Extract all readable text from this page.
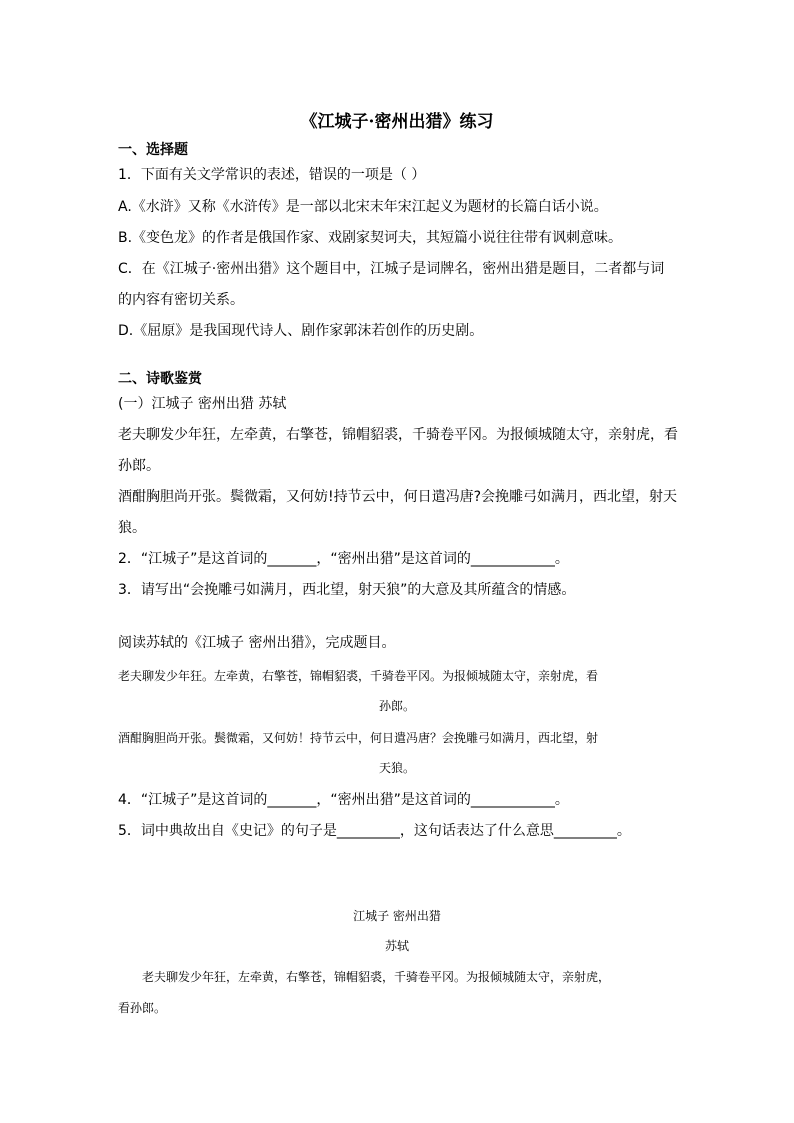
《江城子·密州出猎》练习
一、选择题
1．下面有关文学常识的表述，错误的一项是（ ）
A.《水浒》又称《水浒传》是一部以北宋末年宋江起义为题材的长篇白话小说。
B.《变色龙》的作者是俄国作家、戏剧家契诃夫，其短篇小说往往带有讽刺意味。
C．在《江城子·密州出猎》这个题目中，江城子是词牌名，密州出猎是题目，二者都与词
的内容有密切关系。
D.《屈原》是我国现代诗人、剧作家郭沫若创作的历史剧。
二、诗歌鉴赏
(一）江城子 密州出猎 苏轼
老夫聊发少年狂，左牵黄，右擎苍，锦帽貂裘，千骑卷平冈。为报倾城随太守，亲射虎，看
孙郎。
酒酣胸胆尚开张。鬓微霜，又何妨!持节云中，何日遣冯唐?会挽雕弓如满月，西北望，射天
狼。
2．“江城子”是这首词的_______，“密州出猎”是这首词的____________。
3．请写出“会挽雕弓如满月，西北望，射天狼”的大意及其所蕴含的情感。
阅读苏轼的《江城子 密州出猎》，完成题目。
老夫聊发少年狂。左牵黄，右擎苍，锦帽貂裘，千骑卷平冈。为报倾城随太守，亲射虎，看
孙郎。
酒酣胸胆尚开张。鬓微霜，又何妨！持节云中，何日遣冯唐？会挽雕弓如满月，西北望，射
天狼。
4．“江城子”是这首词的_______，“密州出猎”是这首词的____________。
5．词中典故出自《史记》的句子是_________，这句话表达了什么意思_________。
江城子 密州出猎
苏轼
老夫聊发少年狂，左牵黄，右擎苍，锦帽貂裘，千骑卷平冈。为报倾城随太守，亲射虎，
看孙郎。
